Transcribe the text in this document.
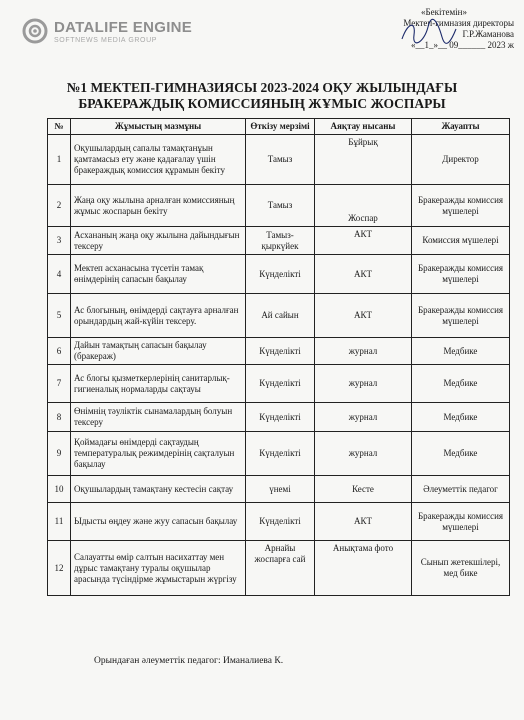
DATALIFE ENGINE
SOFTNEWS MEDIA GROUP
«Бекітемін»
Мектеп-гимназия директоры
Г.Р.Жаманова
«__1_»__ 09______ 2023 ж
№1 МЕКТЕП-ГИМНАЗИЯСЫ 2023-2024 ОҚУ ЖЫЛЫНДАҒЫ
БРАКЕРАЖДЫҚ КОМИССИЯНЫҢ ЖҰМЫС ЖОСПАРЫ
№	Жұмыстың мазмұны	Өткізу мерзімі	Аяқтау нысаны	Жауапты
1	Оқушылардың сапалы тамақтанұын қамтамасыз ету және қадағалау үшін бракераждық комиссия құрамын бекіту	Тамыз	Бұйрық	Директор
2	Жаңа оқу жылына арналған комиссияның жұмыс жоспарын бекіту	Тамыз	Жоспар	Бракеражды комиссия мүшелері
3	Асхананың жаңа оқу жылына дайындығын тексеру	Тамыз-қыркүйек	АКТ	Комиссия мүшелері
4	Мектеп асханасына түсетін тамақ өнімдерінің сапасын бақылау	Күнделікті	АКТ	Бракеражды комиссия мүшелері
5	Ас блогының, өнімдерді сақтауға арналған орындардың жай-күйін тексеру.	Ай сайын	АКТ	Бракеражды комиссия мүшелері
6	Дайын тамақтың сапасын бақылау (бракераж)	Күнделікті	журнал	Медбике
7	Ас блогы қызметкерлерінің санитарлық-гигиеналық нормаларды сақтауы	Күнделікті	журнал	Медбике
8	Өнімнің тәуліктік сынамалардың болуын тексеру	Күнделікті	журнал	Медбике
9	Қоймадағы өнімдерді сақтаудың температуралық режимдерінің сақталуын бақылау	Күнделікті	журнал	Медбике
10	Оқушылардың тамақтану кестесін сақтау	үнемі	Кесте	Әлеуметтік педагог
11	Ыдысты өңдеу және жуу сапасын бақылау	Күнделікті	АКТ	Бракеражды комиссия мүшелері
12	Салауатты өмір салтын насихаттау мен дұрыс тамақтану туралы оқушылар арасында түсіндірме жұмыстарын жүргізу	Арнайы жоспарға сай	Анықтама фото	Сынып жетекшілері, мед бике
Орындаған әлеуметтік педагог: Иманалиева К.
